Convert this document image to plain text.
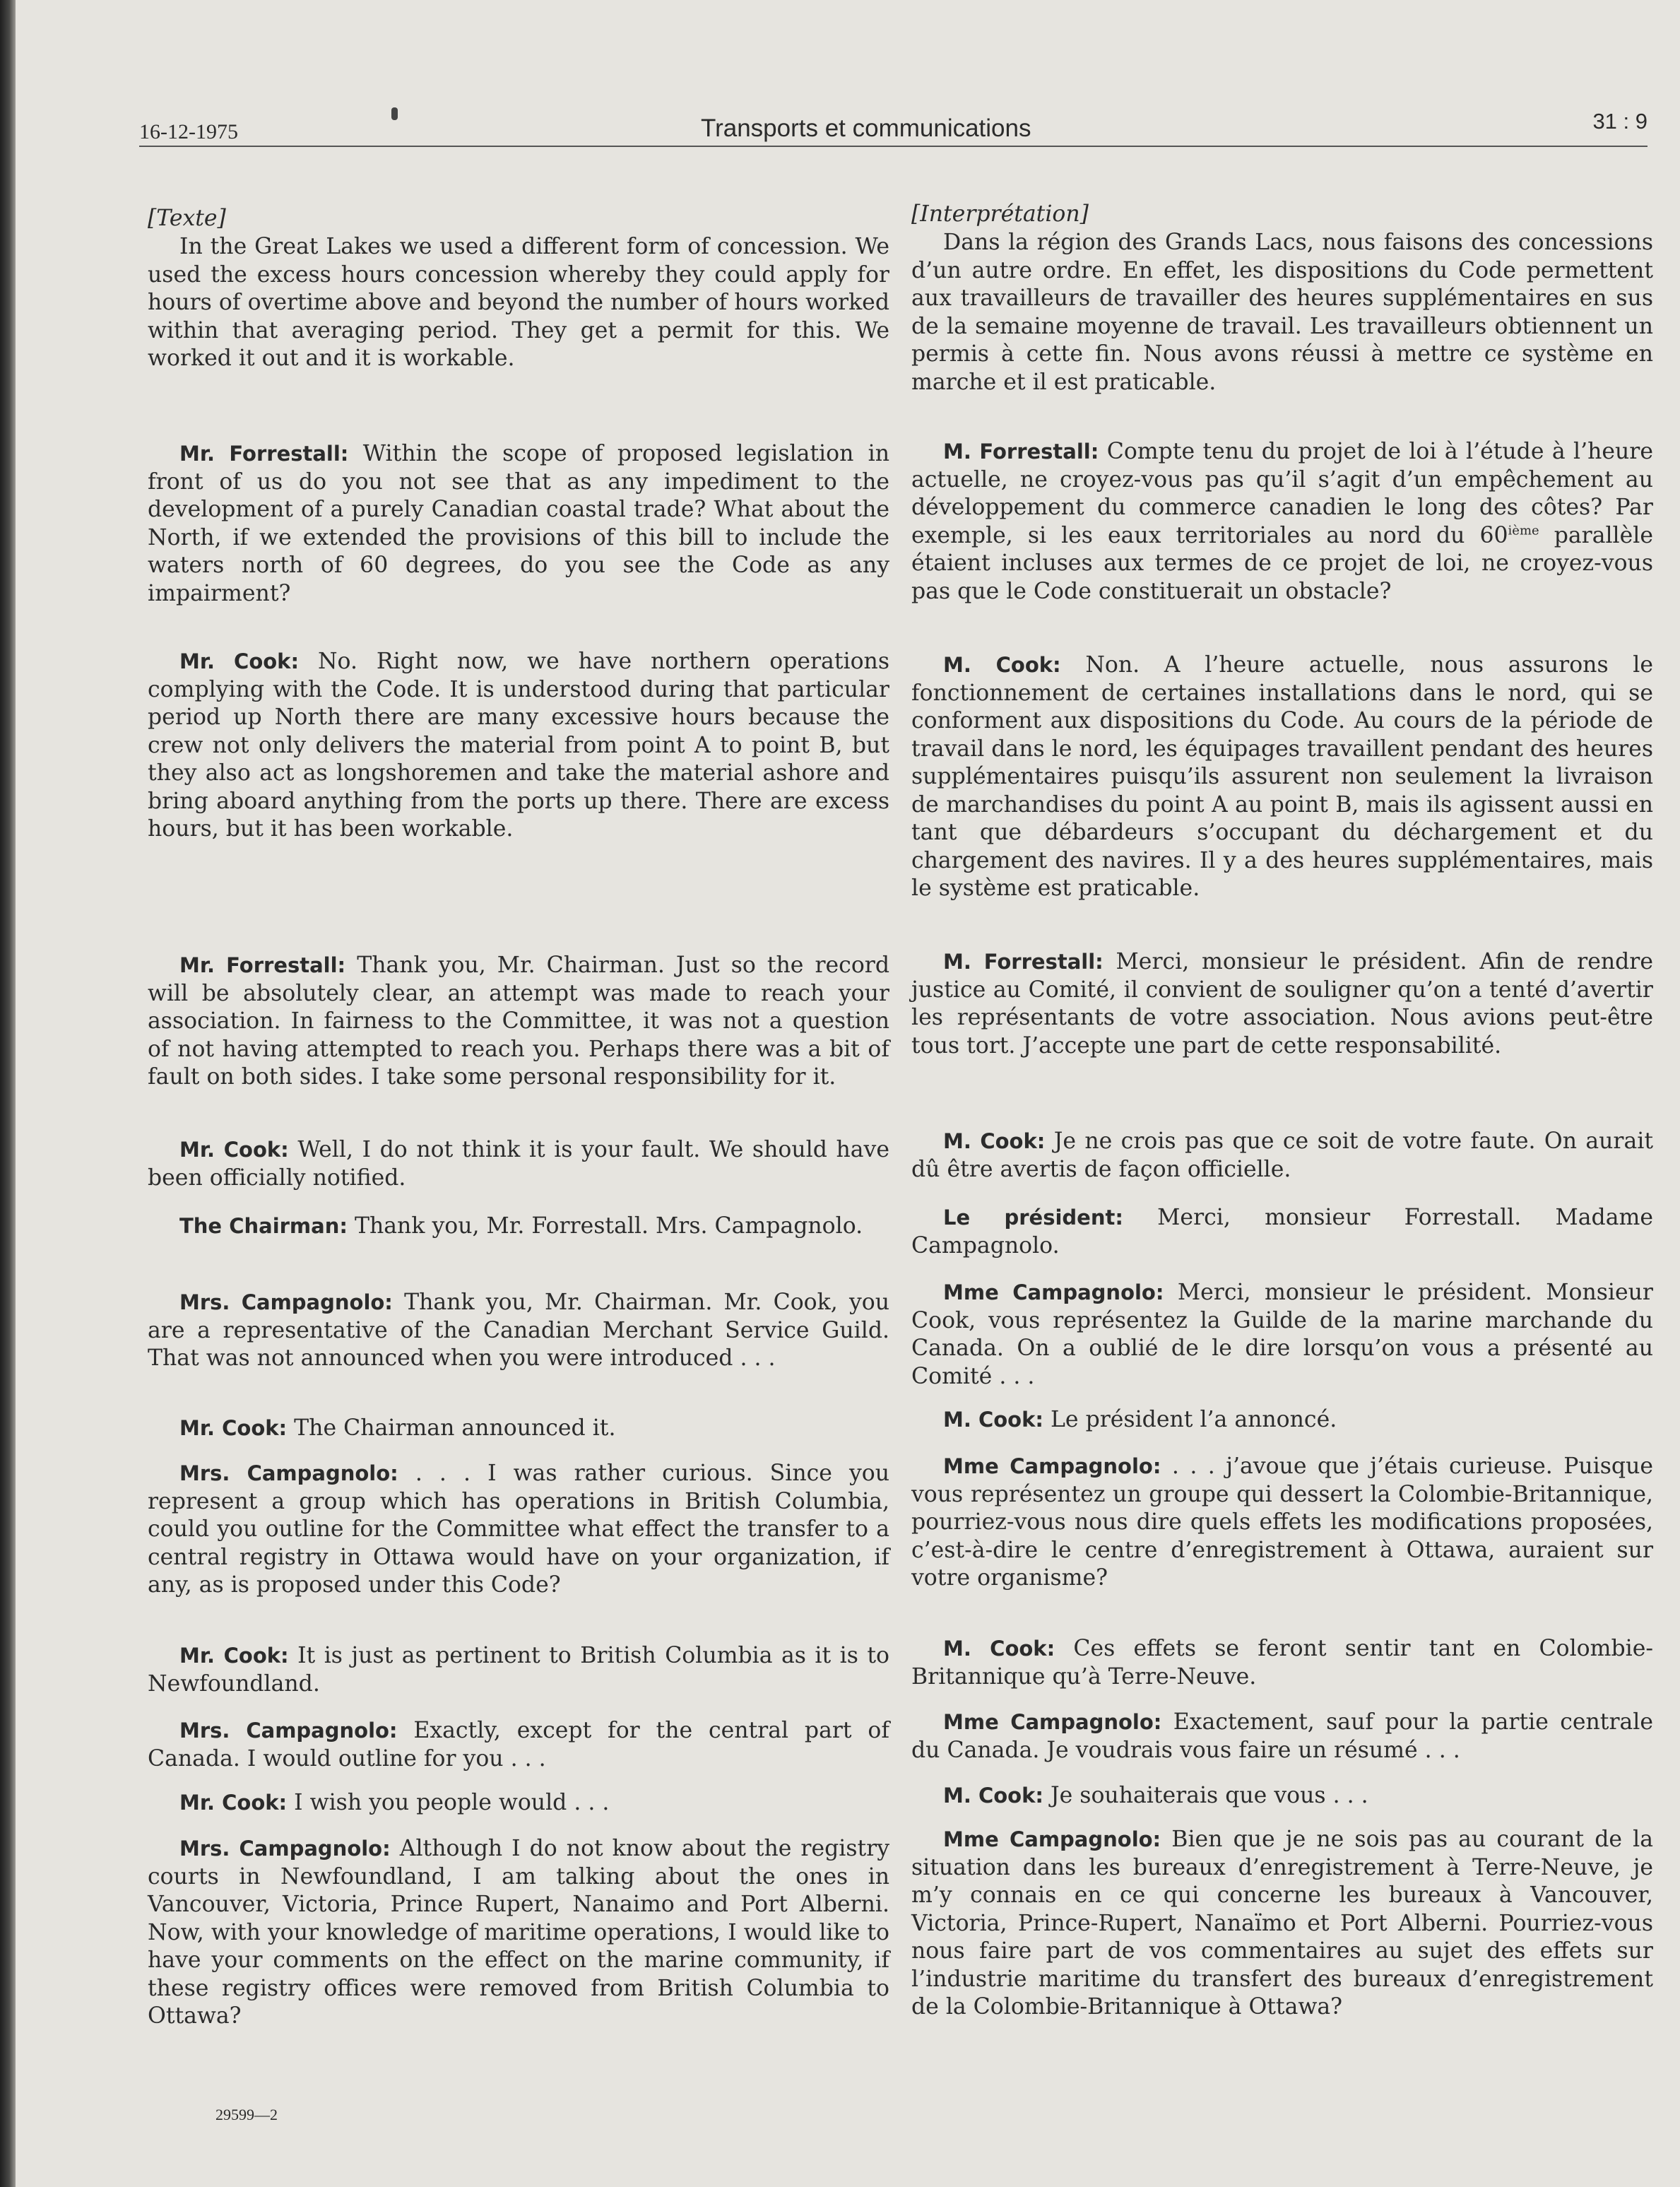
16-12-1975	Transports et communications	31 : 9

[Texte]

In the Great Lakes we used a different form of concession. We used the excess hours concession whereby they could apply for hours of overtime above and beyond the number of hours worked within that averaging period. They get a permit for this. We worked it out and it is workable.

Mr. Forrestall: Within the scope of proposed legislation in front of us do you not see that as any impediment to the development of a purely Canadian coastal trade? What about the North, if we extended the provisions of this bill to include the waters north of 60 degrees, do you see the Code as any impairment?

Mr. Cook: No. Right now, we have northern operations complying with the Code. It is understood during that particular period up North there are many excessive hours because the crew not only delivers the material from point A to point B, but they also act as longshoremen and take the material ashore and bring aboard anything from the ports up there. There are excess hours, but it has been workable.

Mr. Forrestall: Thank you, Mr. Chairman. Just so the record will be absolutely clear, an attempt was made to reach your association. In fairness to the Committee, it was not a question of not having attempted to reach you. Perhaps there was a bit of fault on both sides. I take some personal responsibility for it.

Mr. Cook: Well, I do not think it is your fault. We should have been officially notified.

The Chairman: Thank you, Mr. Forrestall. Mrs. Campagnolo.

Mrs. Campagnolo: Thank you, Mr. Chairman. Mr. Cook, you are a representative of the Canadian Merchant Service Guild. That was not announced when you were introduced . . .

Mr. Cook: The Chairman announced it.

Mrs. Campagnolo: . . . I was rather curious. Since you represent a group which has operations in British Columbia, could you outline for the Committee what effect the transfer to a central registry in Ottawa would have on your organization, if any, as is proposed under this Code?

Mr. Cook: It is just as pertinent to British Columbia as it is to Newfoundland.

Mrs. Campagnolo: Exactly, except for the central part of Canada. I would outline for you . . .

Mr. Cook: I wish you people would . . .

Mrs. Campagnolo: Although I do not know about the registry courts in Newfoundland, I am talking about the ones in Vancouver, Victoria, Prince Rupert, Nanaimo and Port Alberni. Now, with your knowledge of maritime operations, I would like to have your comments on the effect on the marine community, if these registry offices were removed from British Columbia to Ottawa?

[Interprétation]

Dans la région des Grands Lacs, nous faisons des concessions d’un autre ordre. En effet, les dispositions du Code permettent aux travailleurs de travailler des heures supplémentaires en sus de la semaine moyenne de travail. Les travailleurs obtiennent un permis à cette fin. Nous avons réussi à mettre ce système en marche et il est praticable.

M. Forrestall: Compte tenu du projet de loi à l’étude à l’heure actuelle, ne croyez-vous pas qu’il s’agit d’un empêchement au développement du commerce canadien le long des côtes? Par exemple, si les eaux territoriales au nord du 60ième parallèle étaient incluses aux termes de ce projet de loi, ne croyez-vous pas que le Code constituerait un obstacle?

M. Cook: Non. A l’heure actuelle, nous assurons le fonctionnement de certaines installations dans le nord, qui se conforment aux dispositions du Code. Au cours de la période de travail dans le nord, les équipages travaillent pendant des heures supplémentaires puisqu’ils assurent non seulement la livraison de marchandises du point A au point B, mais ils agissent aussi en tant que débardeurs s’occupant du déchargement et du chargement des navires. Il y a des heures supplémentaires, mais le système est praticable.

M. Forrestall: Merci, monsieur le président. Afin de rendre justice au Comité, il convient de souligner qu’on a tenté d’avertir les représentants de votre association. Nous avions peut-être tous tort. J’accepte une part de cette responsabilité.

M. Cook: Je ne crois pas que ce soit de votre faute. On aurait dû être avertis de façon officielle.

Le président: Merci, monsieur Forrestall. Madame Campagnolo.

Mme Campagnolo: Merci, monsieur le président. Monsieur Cook, vous représentez la Guilde de la marine marchande du Canada. On a oublié de le dire lorsqu’on vous a présenté au Comité . . .

M. Cook: Le président l’a annoncé.

Mme Campagnolo: . . . j’avoue que j’étais curieuse. Puisque vous représentez un groupe qui dessert la Colombie-Britannique, pourriez-vous nous dire quels effets les modifications proposées, c’est-à-dire le centre d’enregistrement à Ottawa, auraient sur votre organisme?

M. Cook: Ces effets se feront sentir tant en Colombie-Britannique qu’à Terre-Neuve.

Mme Campagnolo: Exactement, sauf pour la partie centrale du Canada. Je voudrais vous faire un résumé . . .

M. Cook: Je souhaiterais que vous . . .

Mme Campagnolo: Bien que je ne sois pas au courant de la situation dans les bureaux d’enregistrement à Terre-Neuve, je m’y connais en ce qui concerne les bureaux à Vancouver, Victoria, Prince-Rupert, Nanaïmo et Port Alberni. Pourriez-vous nous faire part de vos commentaires au sujet des effets sur l’industrie maritime du transfert des bureaux d’enregistrement de la Colombie-Britannique à Ottawa?

29599—2
